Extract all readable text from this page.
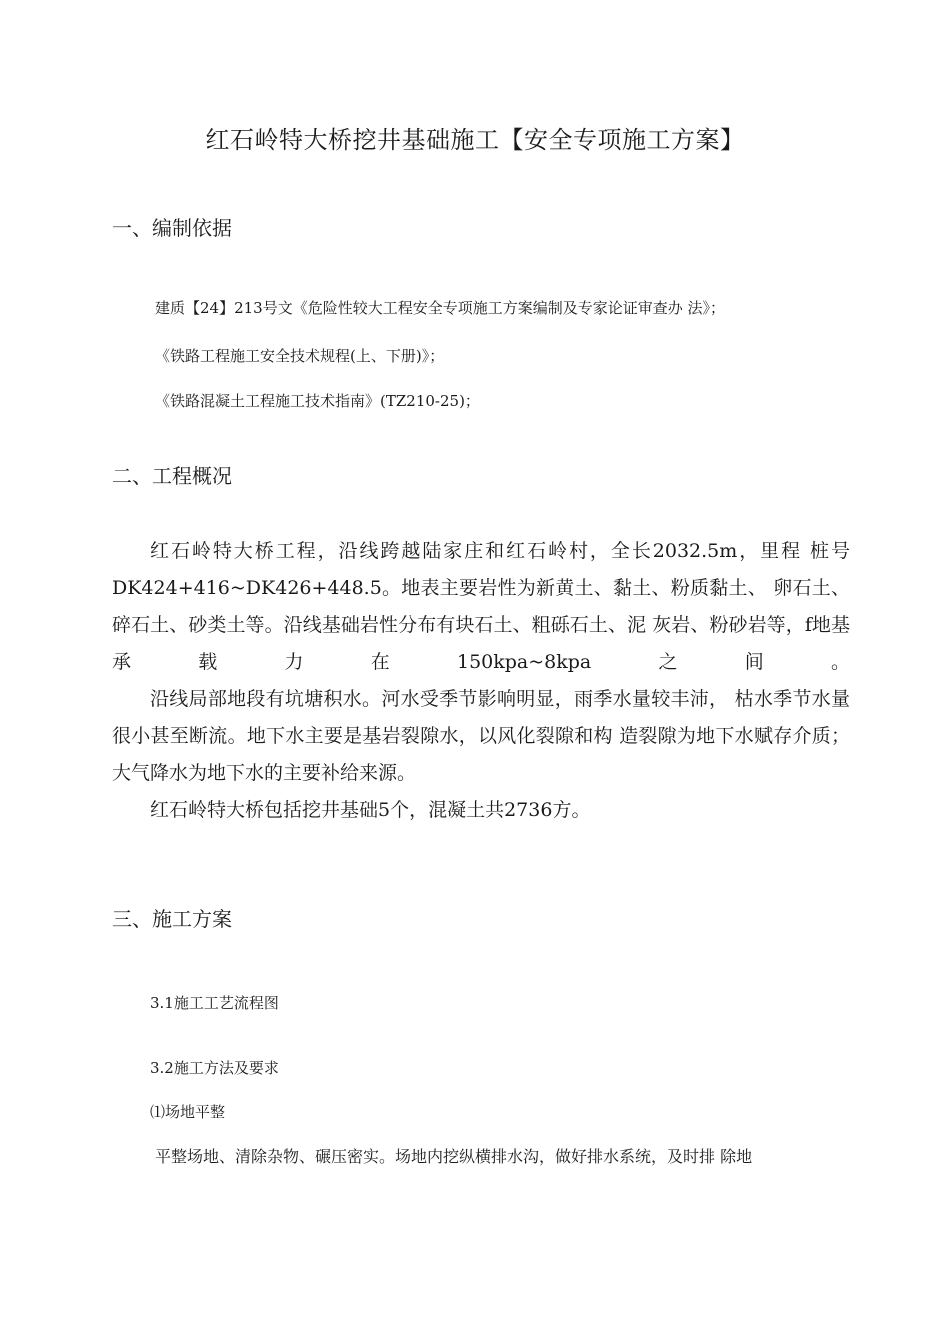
红石岭特大桥挖井基础施工【安全专项施工方案】
一、编制依据
建质【24】213号文《危险性较大工程安全专项施工方案编制及专家论证审查办 法》；
《铁路工程施工安全技术规程(上、下册)》；
《铁路混凝土工程施工技术指南》(TZ210-25)；
二、工程概况

红石岭特大桥工程，沿线跨越陆家庄和红石岭村，全长2032.5m，里程 桩号DK424+416~DK426+448.5。地表主要岩性为新黄土、黏土、粉质黏土、 卵石土、碎石土、砂类土等。沿线基础岩性分布有块石土、粗砾石土、泥 灰岩、粉砂岩等，f地基承载力在150kpa~8kpa之间。

沿线局部地段有坑塘积水。河水受季节影响明显，雨季水量较丰沛， 枯水季节水量很小甚至断流。地下水主要是基岩裂隙水，以风化裂隙和构 造裂隙为地下水赋存介质；大气降水为地下水的主要补给来源。

红石岭特大桥包括挖井基础5个，混凝土共2736方。

三、施工方案
3.1施工工艺流程图
3.2施工方法及要求
⑴场地平整
平整场地、清除杂物、碾压密实。场地内挖纵横排水沟，做好排水系统，及时排 除地
